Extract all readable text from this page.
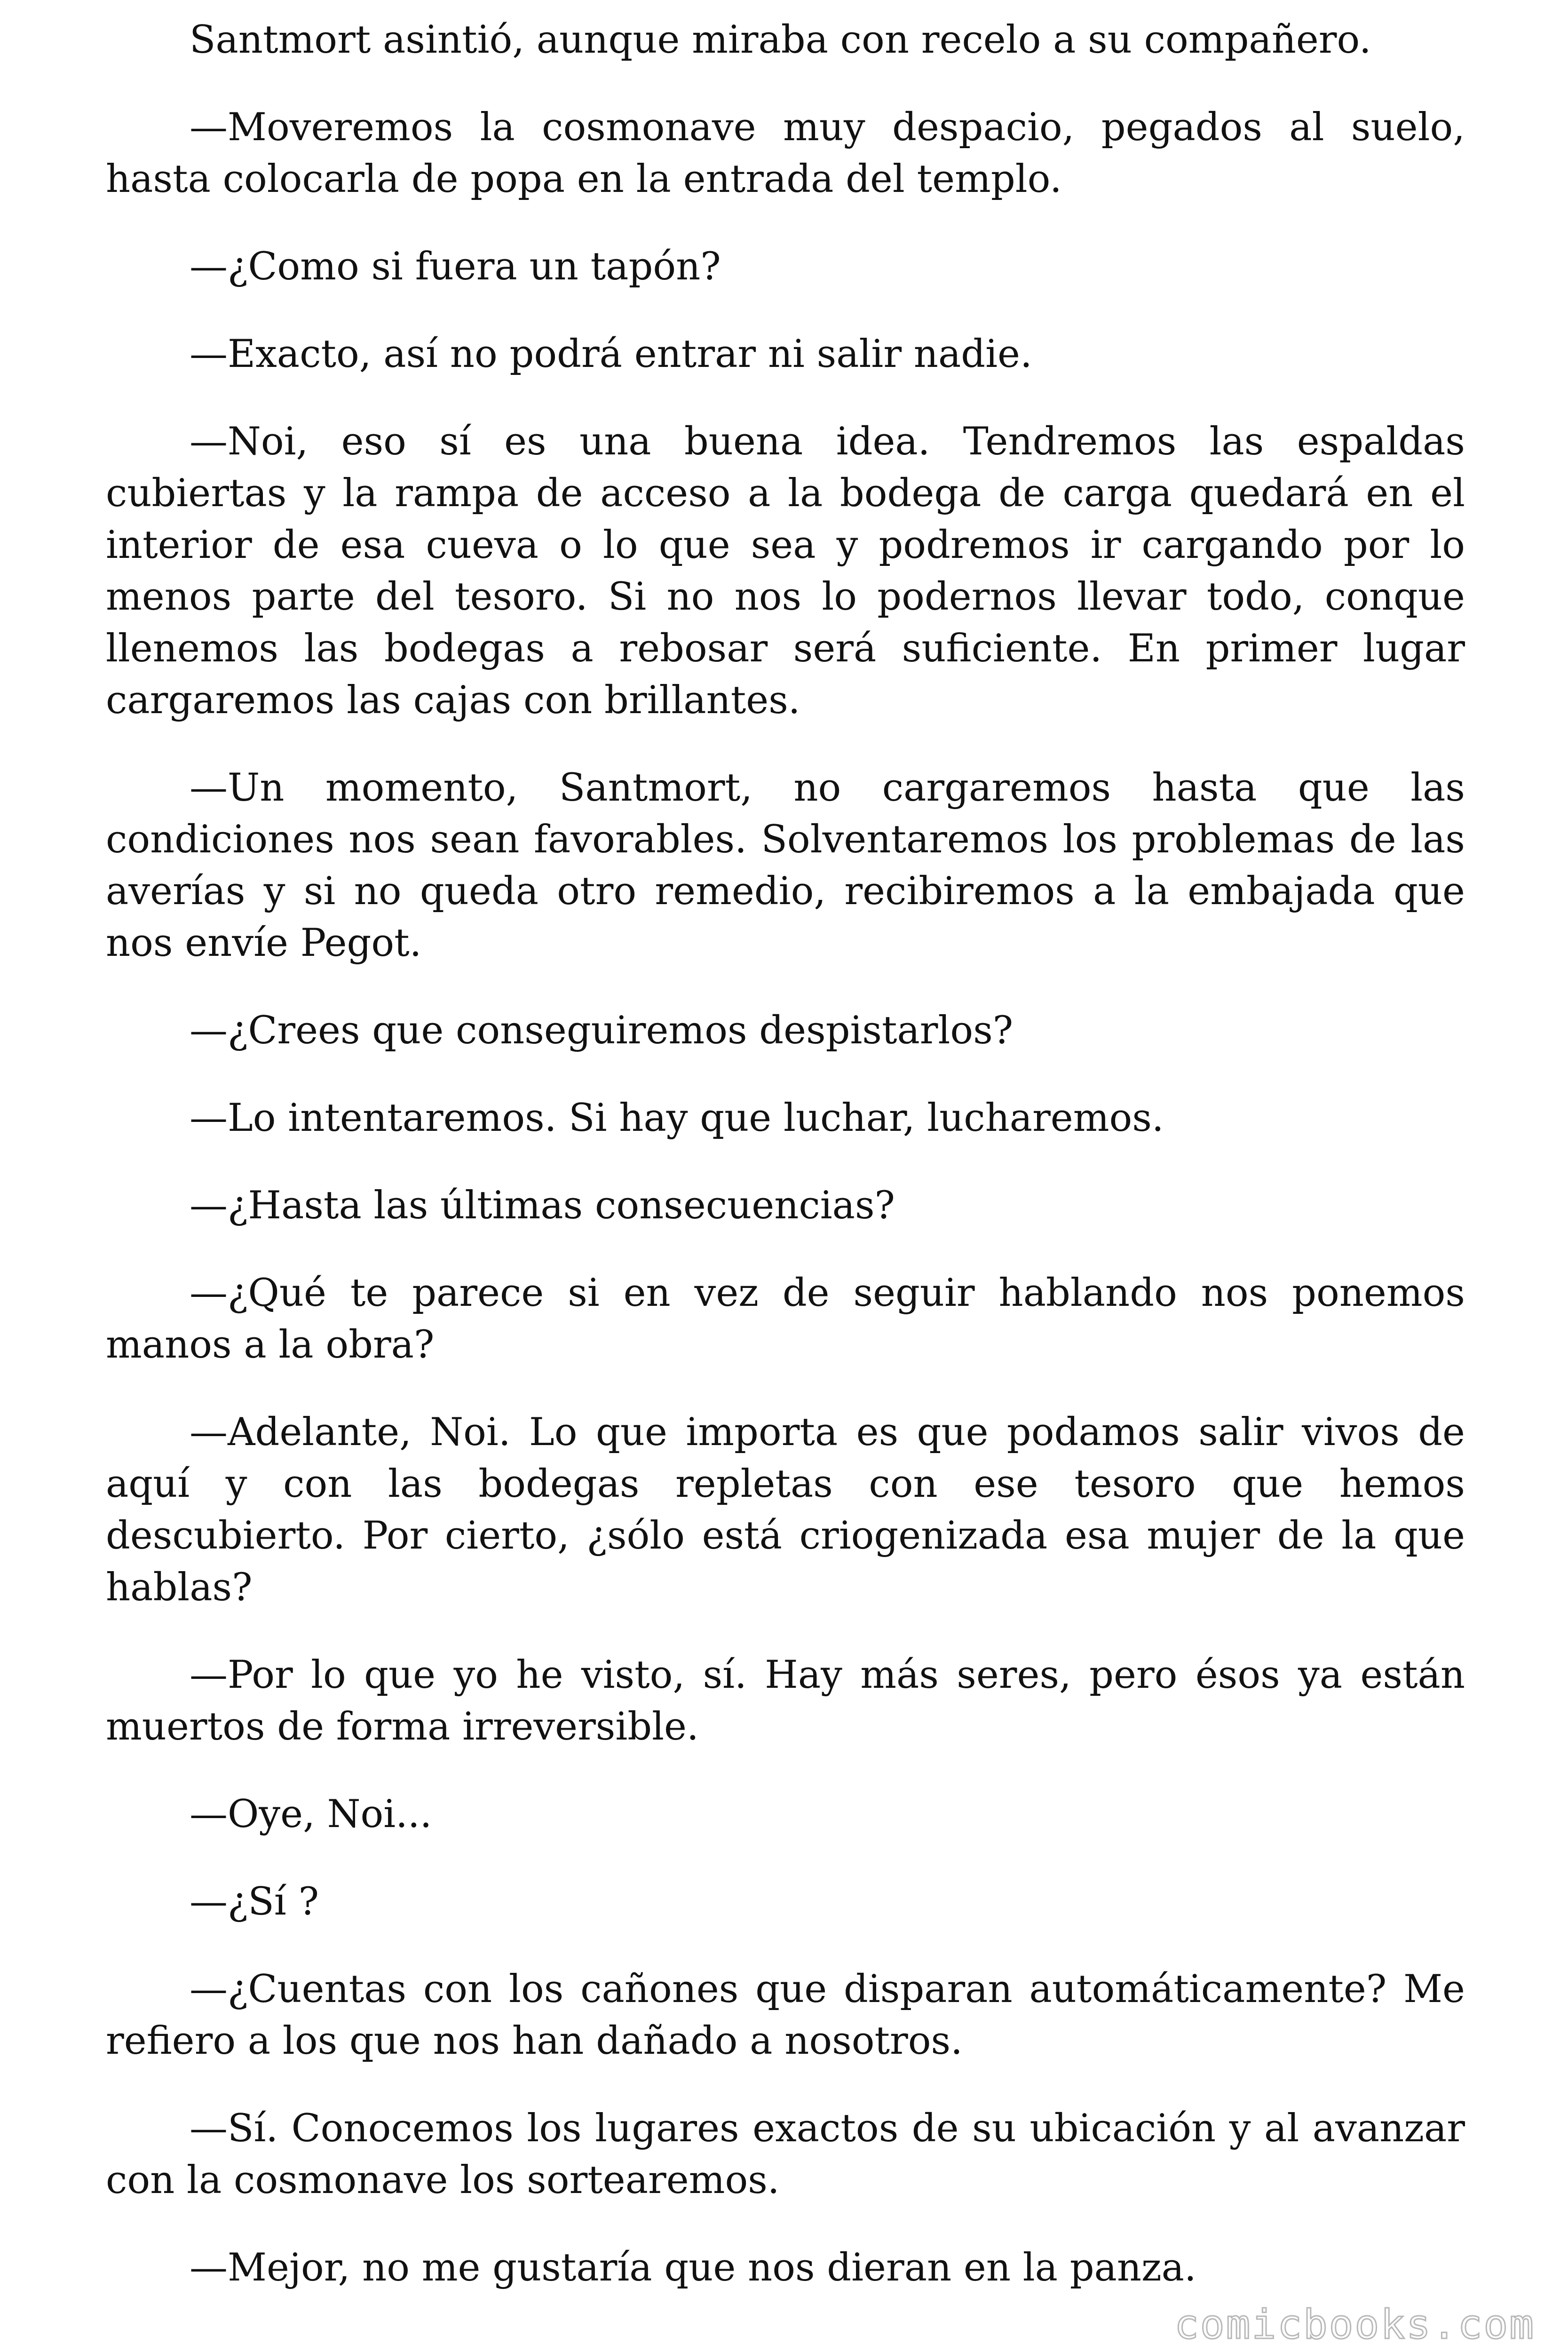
Santmort asintió, aunque miraba con recelo a su compañero.

—Moveremos la cosmonave muy despacio, pegados al suelo, hasta colocarla de popa en la entrada del templo.

—¿Como si fuera un tapón?

—Exacto, así no podrá entrar ni salir nadie.

—Noi, eso sí es una buena idea. Tendremos las espaldas cubiertas y la rampa de acceso a la bodega de carga quedará en el interior de esa cueva o lo que sea y podremos ir cargando por lo menos parte del tesoro. Si no nos lo podernos llevar todo, conque llenemos las bodegas a rebosar será suficiente. En primer lugar cargaremos las cajas con brillantes.

—Un momento, Santmort, no cargaremos hasta que las condiciones nos sean favorables. Solventaremos los problemas de las averías y si no queda otro remedio, recibiremos a la embajada que nos envíe Pegot.

—¿Crees que conseguiremos despistarlos?

—Lo intentaremos. Si hay que luchar, lucharemos.

—¿Hasta las últimas consecuencias?

—¿Qué te parece si en vez de seguir hablando nos ponemos manos a la obra?

—Adelante, Noi. Lo que importa es que podamos salir vivos de aquí y con las bodegas repletas con ese tesoro que hemos descubierto. Por cierto, ¿sólo está criogenizada esa mujer de la que hablas?

—Por lo que yo he visto, sí. Hay más seres, pero ésos ya están muertos de forma irreversible.

—Oye, Noi...

—¿Sí ?

—¿Cuentas con los cañones que disparan automáticamente? Me refiero a los que nos han dañado a nosotros.

—Sí. Conocemos los lugares exactos de su ubicación y al avanzar con la cosmonave los sortearemos.

—Mejor, no me gustaría que nos dieran en la panza.

comicbooks.com
